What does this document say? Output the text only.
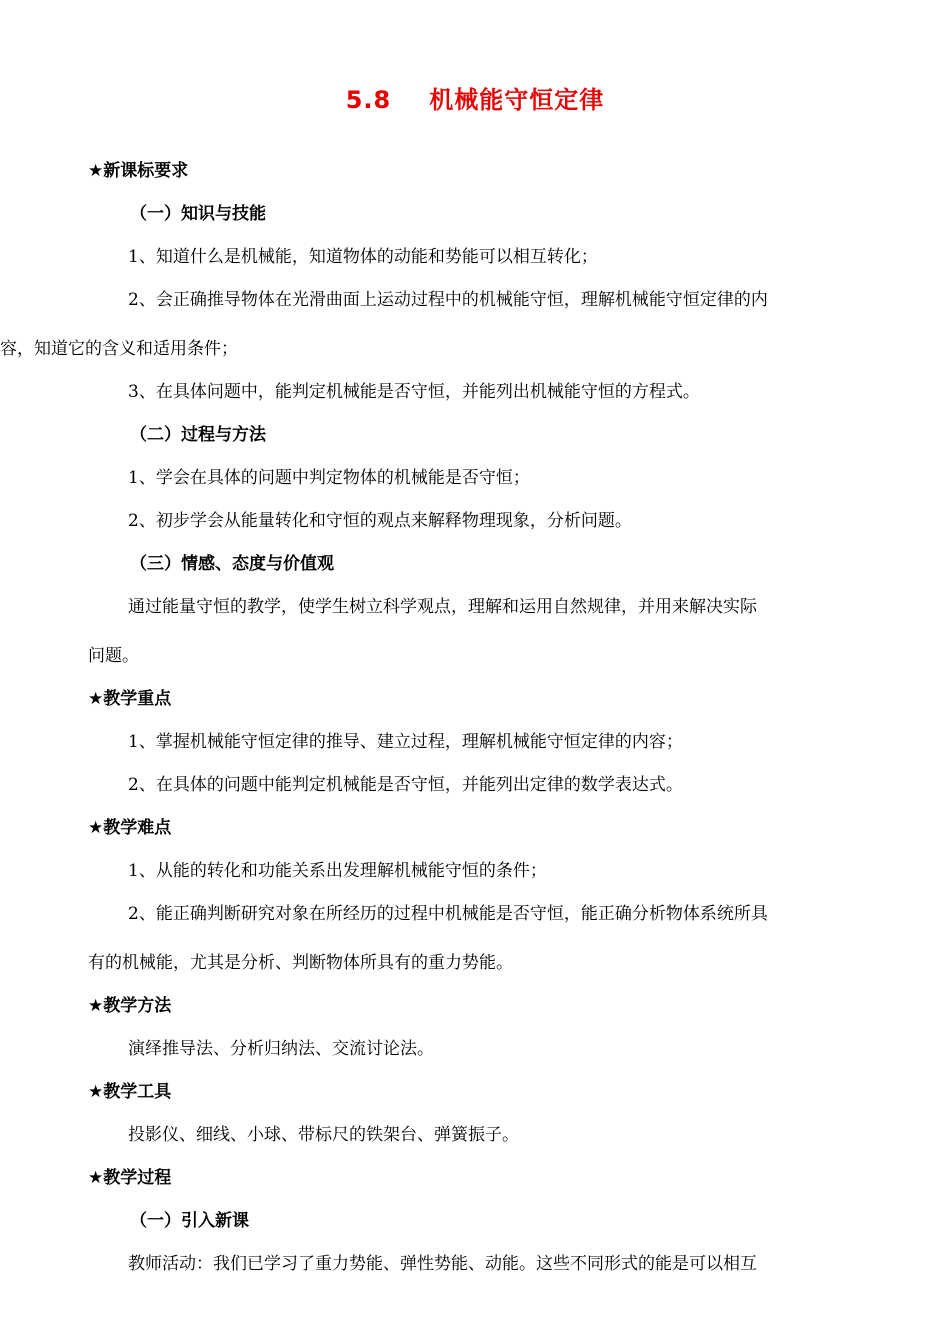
5.8 机械能守恒定律
★新课标要求
（一）知识与技能

1、知道什么是机械能，知道物体的动能和势能可以相互转化；

2、会正确推导物体在光滑曲面上运动过程中的机械能守恒，理解机械能守恒定律的内

容，知道它的含义和适用条件；

3、在具体问题中，能判定机械能是否守恒，并能列出机械能守恒的方程式。

（二）过程与方法

1、学会在具体的问题中判定物体的机械能是否守恒；

2、初步学会从能量转化和守恒的观点来解释物理现象，分析问题。

（三）情感、态度与价值观

通过能量守恒的教学，使学生树立科学观点，理解和运用自然规律，并用来解决实际

问题。

★教学重点

1、掌握机械能守恒定律的推导、建立过程，理解机械能守恒定律的内容；

2、在具体的问题中能判定机械能是否守恒，并能列出定律的数学表达式。

★教学难点

1、从能的转化和功能关系出发理解机械能守恒的条件；

2、能正确判断研究对象在所经历的过程中机械能是否守恒，能正确分析物体系统所具

有的机械能，尤其是分析、判断物体所具有的重力势能。

★教学方法

演绎推导法、分析归纳法、交流讨论法。

★教学工具

投影仪、细线、小球、带标尺的铁架台、弹簧振子。

★教学过程
（一）引入新课

教师活动：我们已学习了重力势能、弹性势能、动能。这些不同形式的能是可以相互
